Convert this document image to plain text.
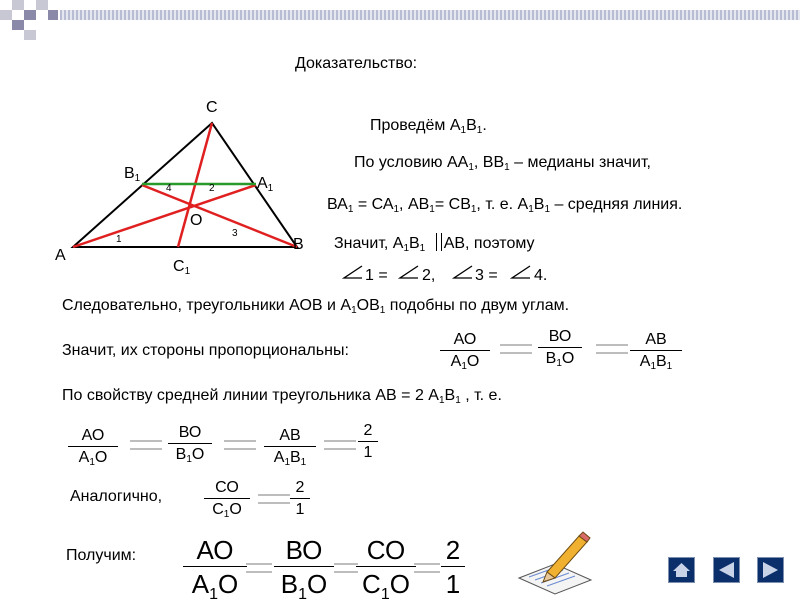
Доказательство:
С
$В_1$	$А_1$
О
А
В
$С_1$
4	2
1
3
Проведём $А_1В_1$.
По условию $АА_1$, $ВВ_1$ – медианы значит,
$ВА_1 = СА_1$, $АВ_1= СВ_1$, т. е. $А_1В_1$ – средняя линия.
Значит, $А_1В_1$ АВ, поэтому
1 = 2, 3 = 4.
Следовательно, треугольники АОВ и $А_1ОВ_1$ подобны по двум углам.
Значит, их стороны пропорциональны:
АО
$А_1О$
ВО
$В_1О$
АВ
$А_1В_1$
По свойству средней линии треугольника АВ = 2 $А_1В_1$ , т. е.
АО
$А_1О$
ВО
$В_1О$
АВ
$А_1В_1$
2
1
Аналогично,
СО
$С_1О$
2
1
Получим:	АО
$А_1О$
ВО
$В_1О$
СО
$С_1О$
2
1
